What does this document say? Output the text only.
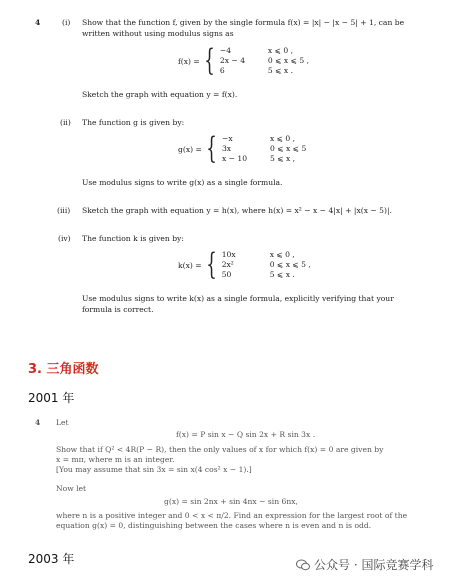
4	(i) Show that the function f, given by the single formula f(x) = |x| − |x − 5| + 1, can be
written without using modulus signs as
f(x) = { −4	x ⩽ 0 ,
2x − 4	0 ⩽ x ⩽ 5 ,
6	5 ⩽ x .
Sketch the graph with equation y = f(x).
(ii) The function g is given by:
g(x) = { −x	x ⩽ 0 ,
3x	0 ⩽ x ⩽ 5
x − 10	5 ⩽ x ,
Use modulus signs to write g(x) as a single formula.
(iii) Sketch the graph with equation y = h(x), where h(x) = x² − x − 4|x| + |x(x − 5)|.
(iv) The function k is given by:
k(x) = { 10x	x ⩽ 0 ,
2x²	0 ⩽ x ⩽ 5 ,
50	5 ⩽ x .
Use modulus signs to write k(x) as a single formula, explicitly verifying that your
formula is correct.
3. 三角函数
2001 年
4 Let
f(x) = P sin x − Q sin 2x + R sin 3x .
Show that if Q² < 4R(P − R), then the only values of x for which f(x) = 0 are given by
x = mπ, where m is an integer.
[You may assume that sin 3x = sin x(4 cos² x − 1).]
Now let
g(x) = sin 2nx + sin 4nx − sin 6nx,
where n is a positive integer and 0 < x < π/2. Find an expression for the largest root of the
equation g(x) = 0, distinguishing between the cases where n is even and n is odd.
2003 年	公众号 · 国际竞赛学科
